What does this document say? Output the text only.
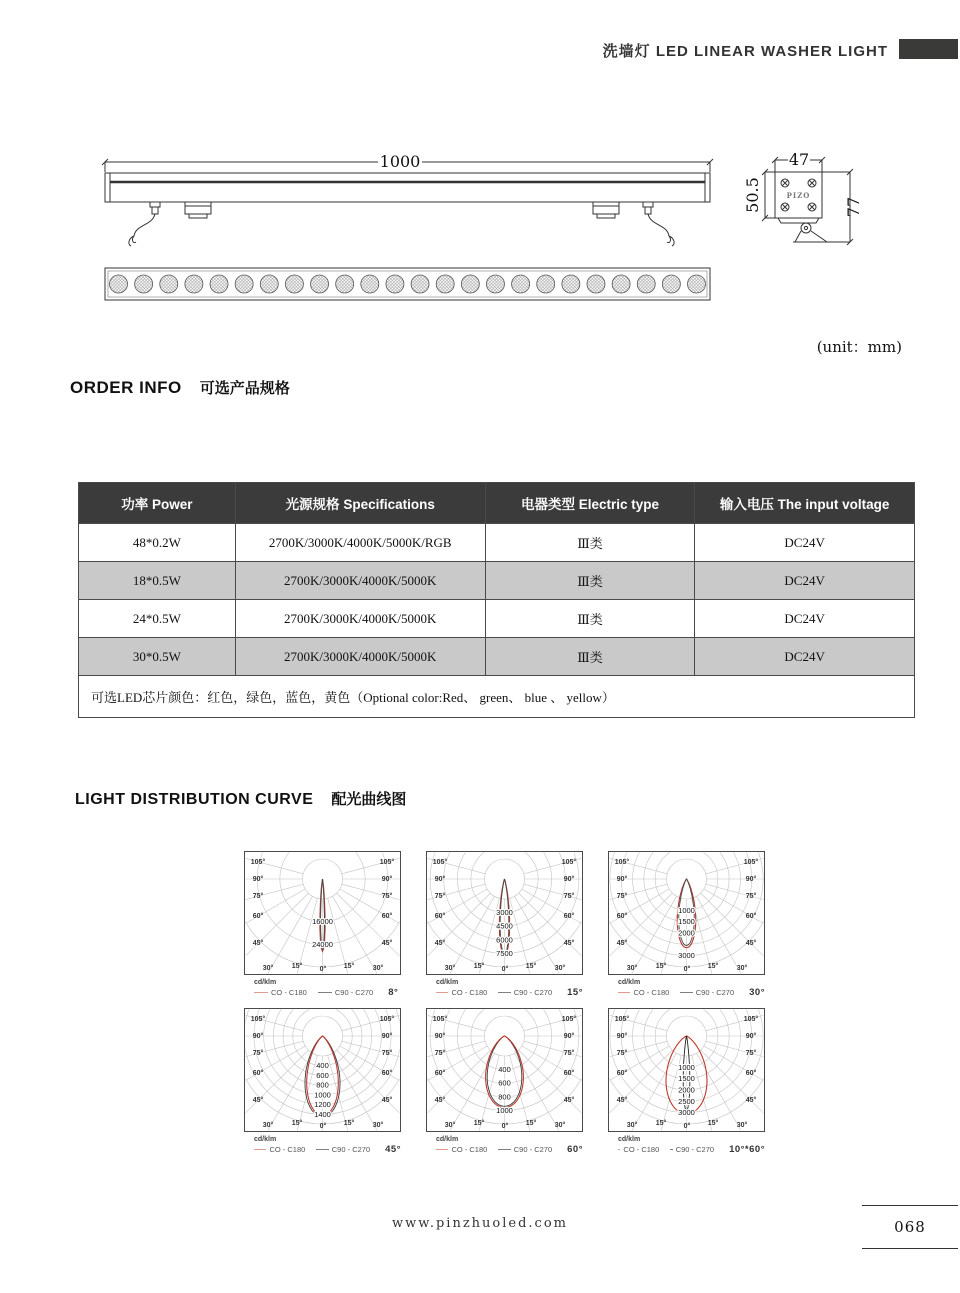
洗墙灯 LED LINEAR WASHER LIGHT
1000	47
PIZO
50.5	77
(unit：mm)
ORDER INFO 可选产品规格
功率 Power	光源规格 Specifications	电器类型 Electric type	输入电压 The input voltage
48*0.2W	2700K/3000K/4000K/5000K/RGB	Ⅲ类	DC24V
18*0.5W	2700K/3000K/4000K/5000K	Ⅲ类	DC24V
24*0.5W	2700K/3000K/4000K/5000K	Ⅲ类	DC24V
30*0.5W	2700K/3000K/4000K/5000K	Ⅲ类	DC24V
可选LED芯片颜色：红色，绿色，蓝色，黄色（Optional color:Red、 green、 blue 、 yellow）			
LIGHT DISTRIBUTION CURVE 配光曲线图
16000
24000
105°	105°
90°	90°
75°	75°
60°	60°
45°	45°
30°	30°
15°	15°
0°
cd/klm
CO - C180	C90 - C270 8°
3000
4500
6000
7500
105°	105°
90°	90°
75°	75°
60°	60°
45°	45°
30°	30°
15°	15°
0°
cd/klm
CO - C180	C90 - C270 15°
1000
1500
2000
3000
105°	105°
90°	90°
75°	75°
60°	60°
45°	45°
30°	30°
15°	15°
0°
cd/klm
CO - C180	C90 - C270 30°
400
600
800
1000
1200
1400
105°	105°
90°	90°
75°	75°
60°	60°
45°	45°
30°	30°
15°	15°
0°
cd/klm
CO - C180	C90 - C270 45°
400
600
800
1000
105°	105°
90°	90°
75°	75°
60°	60°
45°	45°
30°	30°
15°	15°
0°
cd/klm
CO - C180	C90 - C270 60°
1000
1500
2000
2500
3000
105°	105°
90°	90°
75°	75°
60°	60°
45°	45°
30°	30°
15°	15°
0°
cd/klm
CO - C180 C90 - C270 10°*60°
www.pinzhuoled.com	068
